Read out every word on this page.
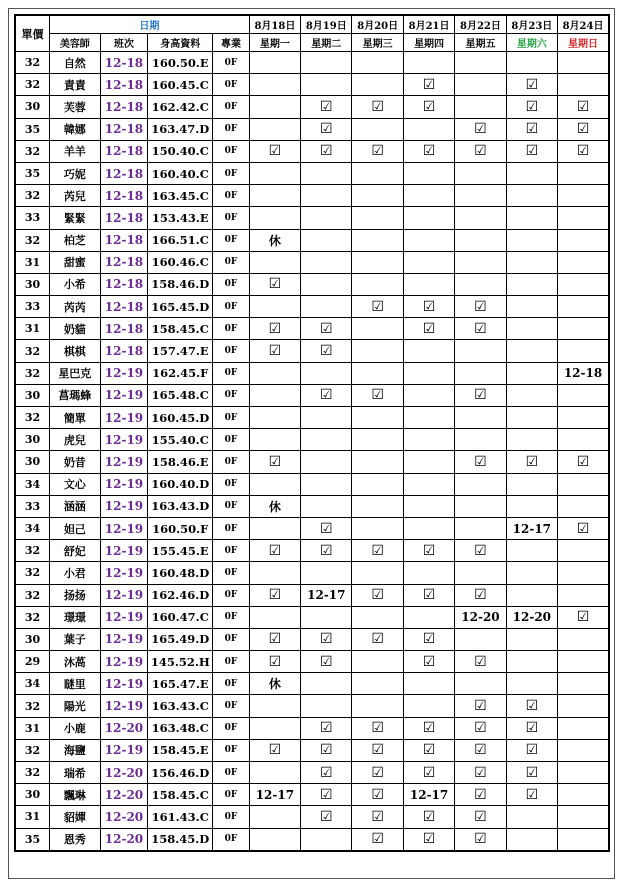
單價	日期				8月18日	8月19日	8月20日	8月21日	8月22日	8月23日	8月24日
	美容師	班次	身高資料	專業	星期一	星期二	星期三	星期四	星期五	星期六	星期日
32	自然	12-18	160.50.E	0F							
32	責責	12-18	160.45.C	0F				☑		☑	
30	芙蓉	12-18	162.42.C	0F		☑	☑	☑		☑	☑
35	韓娜	12-18	163.47.D	0F		☑			☑	☑	☑
32	羊羊	12-18	150.40.C	0F	☑	☑	☑	☑	☑	☑	☑
35	巧妮	12-18	160.40.C	0F							
32	芮兒	12-18	163.45.C	0F							
33	緊緊	12-18	153.43.E	0F							
32	柏芝	12-18	166.51.C	0F	休						
31	甜蜜	12-18	160.46.C	0F							
30	小希	12-18	158.46.D	0F	☑						
33	芮芮	12-18	165.45.D	0F			☑	☑	☑		
31	奶貓	12-18	158.45.C	0F	☑	☑		☑	☑		
32	棋棋	12-18	157.47.E	0F	☑	☑					
32	星巴克	12-19	162.45.F	0F							12-18
30	菖瑪蜂	12-19	165.48.C	0F		☑	☑		☑		
32	簡單	12-19	160.45.D	0F							
30	虎兒	12-19	155.40.C	0F							
30	奶昔	12-19	158.46.E	0F	☑				☑	☑	☑
34	文心	12-19	160.40.D	0F							
33	涵涵	12-19	163.43.D	0F	休						
34	妲己	12-19	160.50.F	0F		☑				12-17	☑
32	舒妃	12-19	155.45.E	0F	☑	☑	☑	☑	☑		
32	小君	12-19	160.48.D	0F							
32	扬扬	12-19	162.46.D	0F	☑	12-17	☑	☑	☑		
32	璟璟	12-19	160.47.C	0F					12-20	12-20	☑
30	葉子	12-19	165.49.D	0F	☑	☑	☑	☑			
29	沐萵	12-19	145.52.H	0F	☑	☑		☑	☑		
34	瞇里	12-19	165.47.E	0F	休						
32	陽光	12-19	163.43.C	0F					☑	☑	
31	小鹿	12-20	163.48.C	0F		☑	☑	☑	☑	☑	
32	海鹽	12-19	158.45.E	0F	☑	☑	☑	☑	☑	☑	
32	瑞希	12-20	156.46.D	0F		☑	☑	☑	☑	☑	
30	飄琳	12-20	158.45.C	0F	12-17	☑	☑	12-17	☑	☑	
31	貂嬋	12-20	161.43.C	0F		☑	☑	☑	☑		
35	恩秀	12-20	158.45.D	0F			☑	☑	☑		
